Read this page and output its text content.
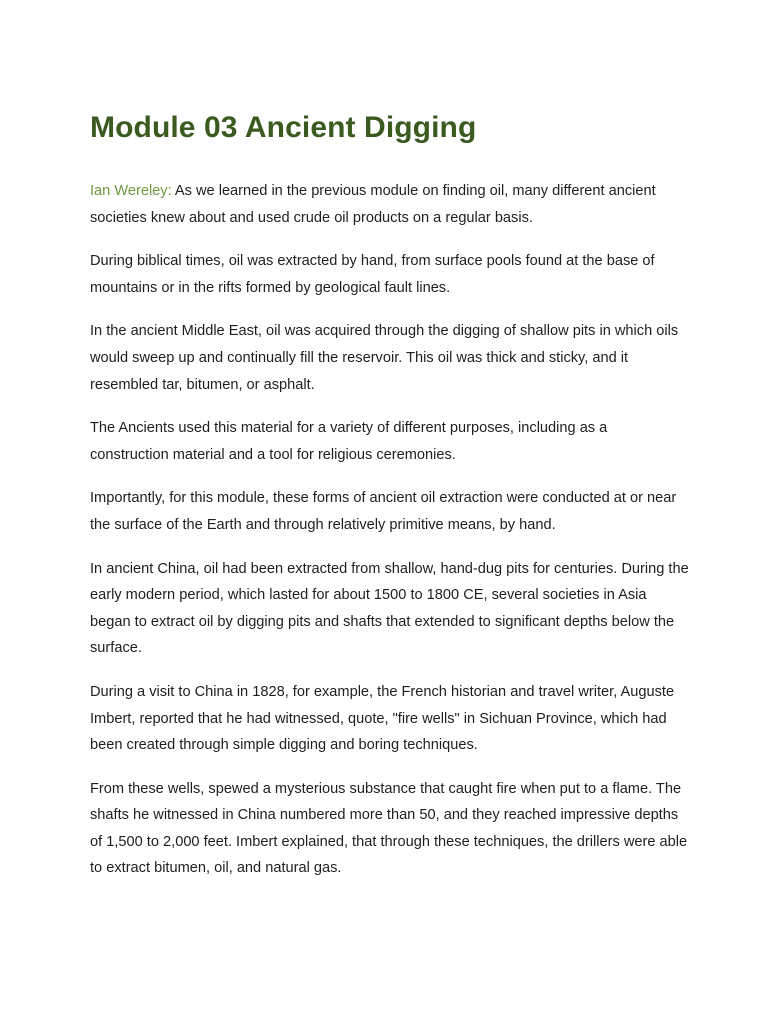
Module 03 Ancient Digging

Ian Wereley: As we learned in the previous module on finding oil, many different ancient societies knew about and used crude oil products on a regular basis.

During biblical times, oil was extracted by hand, from surface pools found at the base of mountains or in the rifts formed by geological fault lines.

In the ancient Middle East, oil was acquired through the digging of shallow pits in which oils would sweep up and continually fill the reservoir. This oil was thick and sticky, and it resembled tar, bitumen, or asphalt.

The Ancients used this material for a variety of different purposes, including as a construction material and a tool for religious ceremonies.

Importantly, for this module, these forms of ancient oil extraction were conducted at or near the surface of the Earth and through relatively primitive means, by hand.

In ancient China, oil had been extracted from shallow, hand-dug pits for centuries. During the early modern period, which lasted for about 1500 to 1800 CE, several societies in Asia began to extract oil by digging pits and shafts that extended to significant depths below the surface.

During a visit to China in 1828, for example, the French historian and travel writer, Auguste Imbert, reported that he had witnessed, quote, "fire wells" in Sichuan Province, which had been created through simple digging and boring techniques.

From these wells, spewed a mysterious substance that caught fire when put to a flame. The shafts he witnessed in China numbered more than 50, and they reached impressive depths of 1,500 to 2,000 feet. Imbert explained, that through these techniques, the drillers were able to extract bitumen, oil, and natural gas.
